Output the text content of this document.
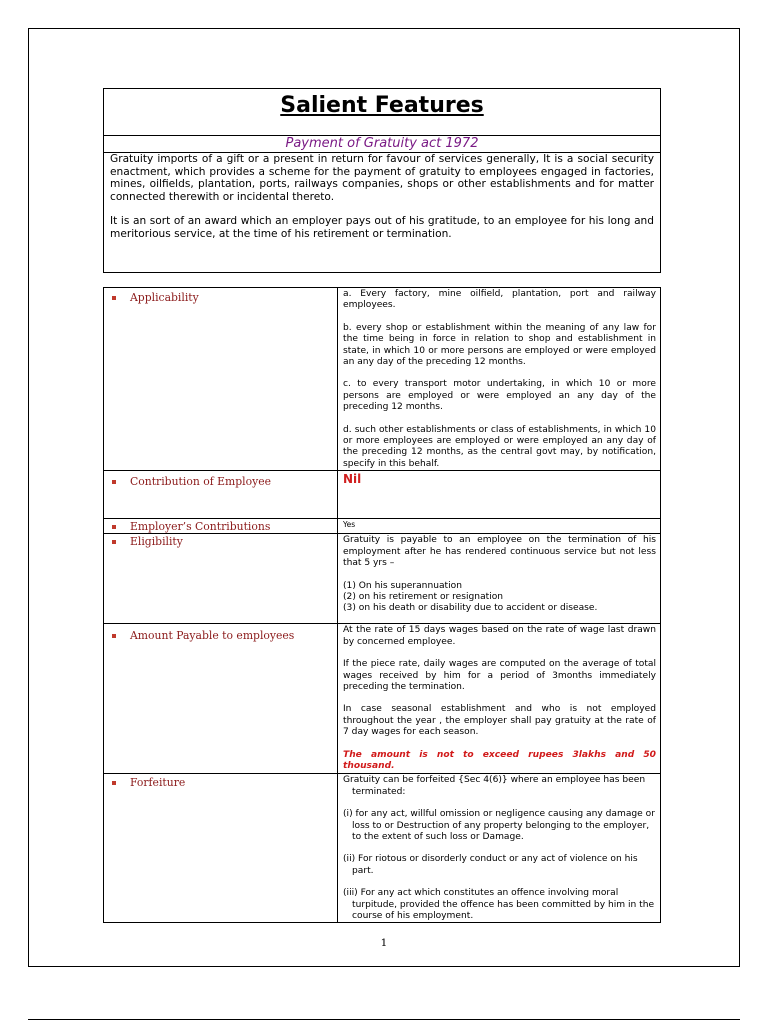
Salient Features
Payment of Gratuity act 1972

Gratuity imports of a gift or a present in return for favour of services generally, It is a social security enactment, which provides a scheme for the payment of gratuity to employees engaged in factories, mines, oilfields, plantation, ports, railways companies, shops or other establishments and for matter connected therewith or incidental thereto.

It is an sort of an award which an employer pays out of his gratitude, to an employee for his long and meritorious service, at the time of his retirement or termination.

Applicability	a. Every factory, mine oilfield, plantation, port and railway employees.

b. every shop or establishment within the meaning of any law for the time being in force in relation to shop and establishment in state, in which 10 or more persons are employed or were employed an any day of the preceding 12 months.

c. to every transport motor undertaking, in which 10 or more persons are employed or were employed an any day of the preceding 12 months.

d. such other establishments or class of establishments, in which 10 or more employees are employed or were employed an any day of the preceding 12 months, as the central govt may, by notification, specify in this behalf.

Contribution of Employee	Nil

Employer’s Contributions	Yes

Eligibility	Gratuity is payable to an employee on the termination of his employment after he has rendered continuous service but not less that 5 yrs –

(1) On his superannuation
(2) on his retirement or resignation
(3) on his death or disability due to accident or disease.

Amount Payable to employees	At the rate of 15 days wages based on the rate of wage last drawn by concerned employee.

If the piece rate, daily wages are computed on the average of total wages received by him for a period of 3months immediately preceding the termination.

In case seasonal establishment and who is not employed throughout the year , the employer shall pay gratuity at the rate of 7 day wages for each season.

The amount is not to exceed rupees 3lakhs and 50 thousand.

Forfeiture	Gratuity can be forfeited {Sec 4(6)} where an employee has been terminated:

(i) for any act, willful omission or negligence causing any damage or loss to or Destruction of any property belonging to the employer, to the extent of such loss or Damage.

(ii) For riotous or disorderly conduct or any act of violence on his part.

(iii) For any act which constitutes an offence involving moral turpitude, provided the offence has been committed by him in the course of his employment.

1
